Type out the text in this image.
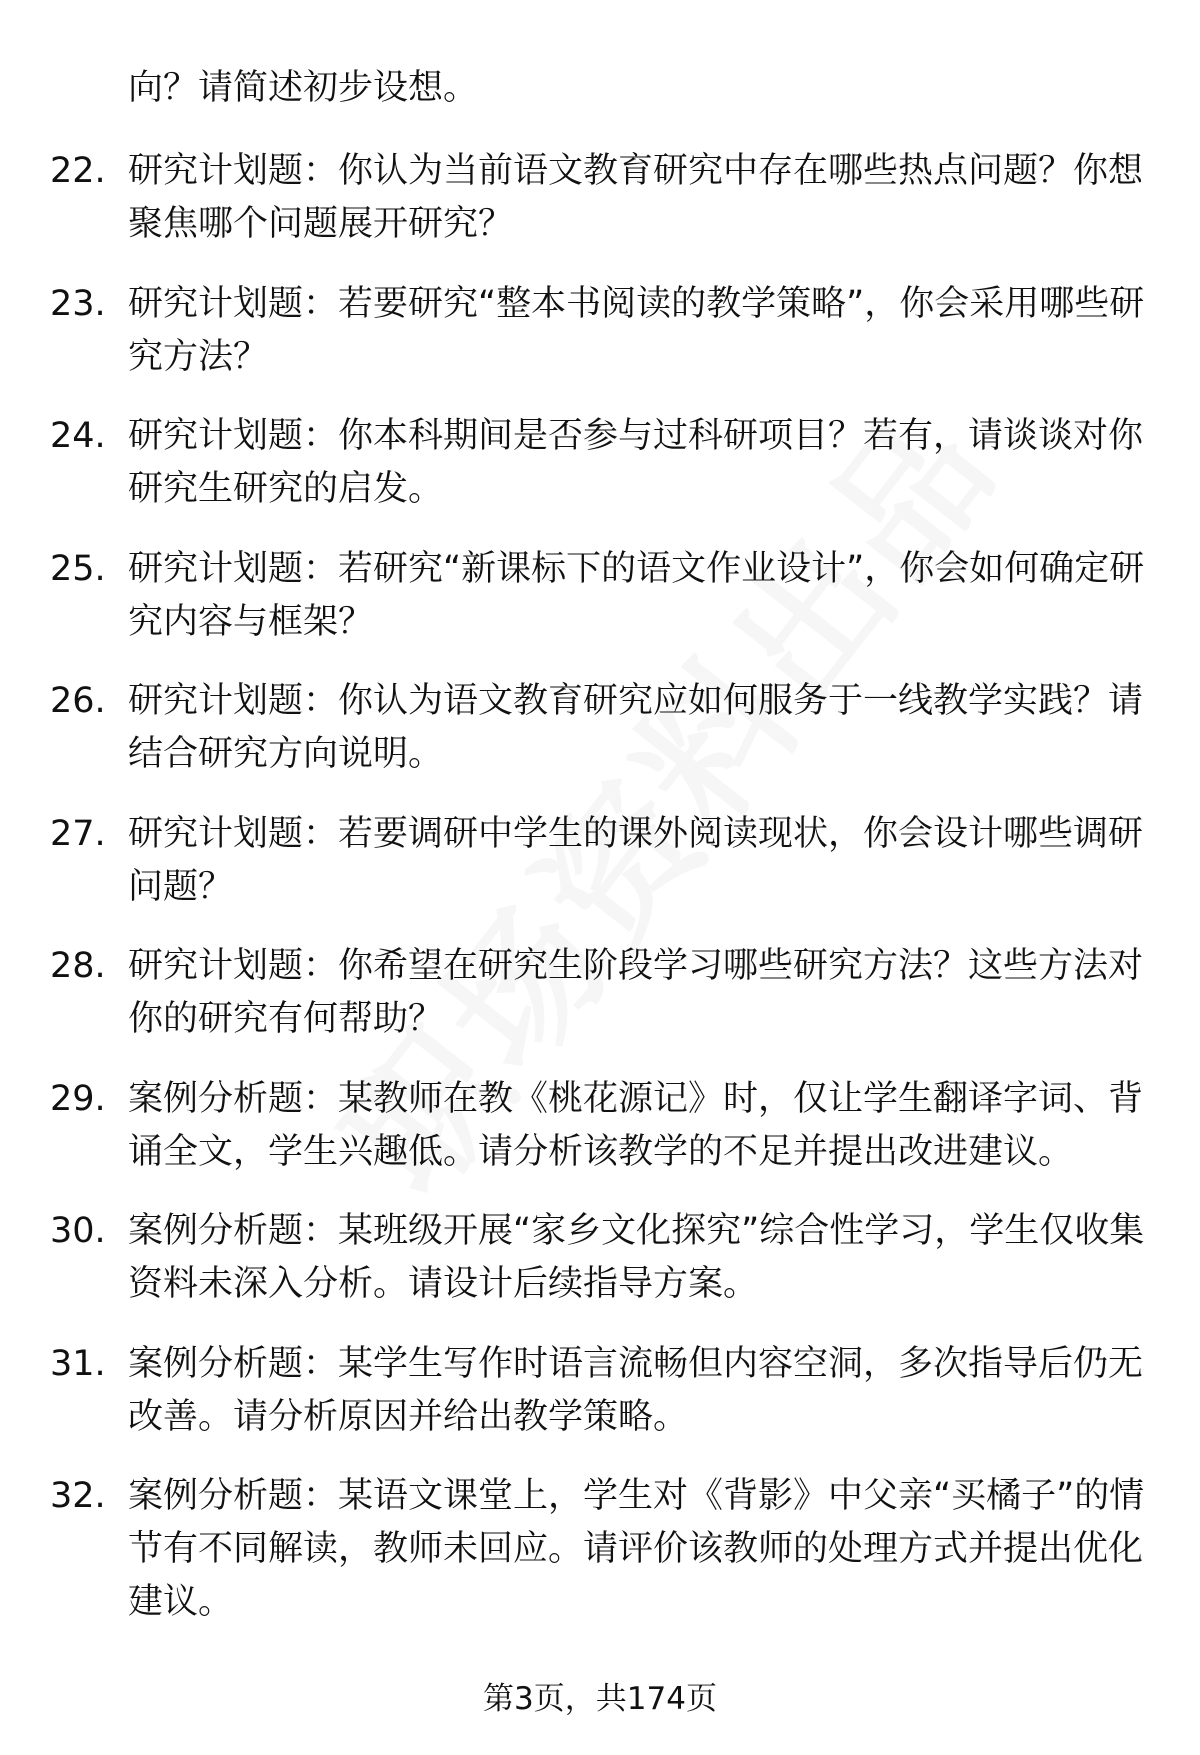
向？请简述初步设想。

22. 研究计划题：你认为当前语文教育研究中存在哪些热点问题？你想聚焦哪个问题展开研究？
23. 研究计划题：若要研究“整本书阅读的教学策略”，你会采用哪些研究方法？
24. 研究计划题：你本科期间是否参与过科研项目？若有，请谈谈对你研究生研究的启发。
25. 研究计划题：若研究“新课标下的语文作业设计”，你会如何确定研究内容与框架？
26. 研究计划题：你认为语文教育研究应如何服务于一线教学实践？请结合研究方向说明。
27. 研究计划题：若要调研中学生的课外阅读现状，你会设计哪些调研问题？
28. 研究计划题：你希望在研究生阶段学习哪些研究方法？这些方法对你的研究有何帮助？
29. 案例分析题：某教师在教《桃花源记》时，仅让学生翻译字词、背诵全文，学生兴趣低。请分析该教学的不足并提出改进建议。
30. 案例分析题：某班级开展“家乡文化探究”综合性学习，学生仅收集资料未深入分析。请设计后续指导方案。
31. 案例分析题：某学生写作时语言流畅但内容空洞，多次指导后仍无改善。请分析原因并给出教学策略。
32. 案例分析题：某语文课堂上，学生对《背影》中父亲“买橘子”的情节有不同解读，教师未回应。请评价该教师的处理方式并提出优化建议。
第3页，共174页
